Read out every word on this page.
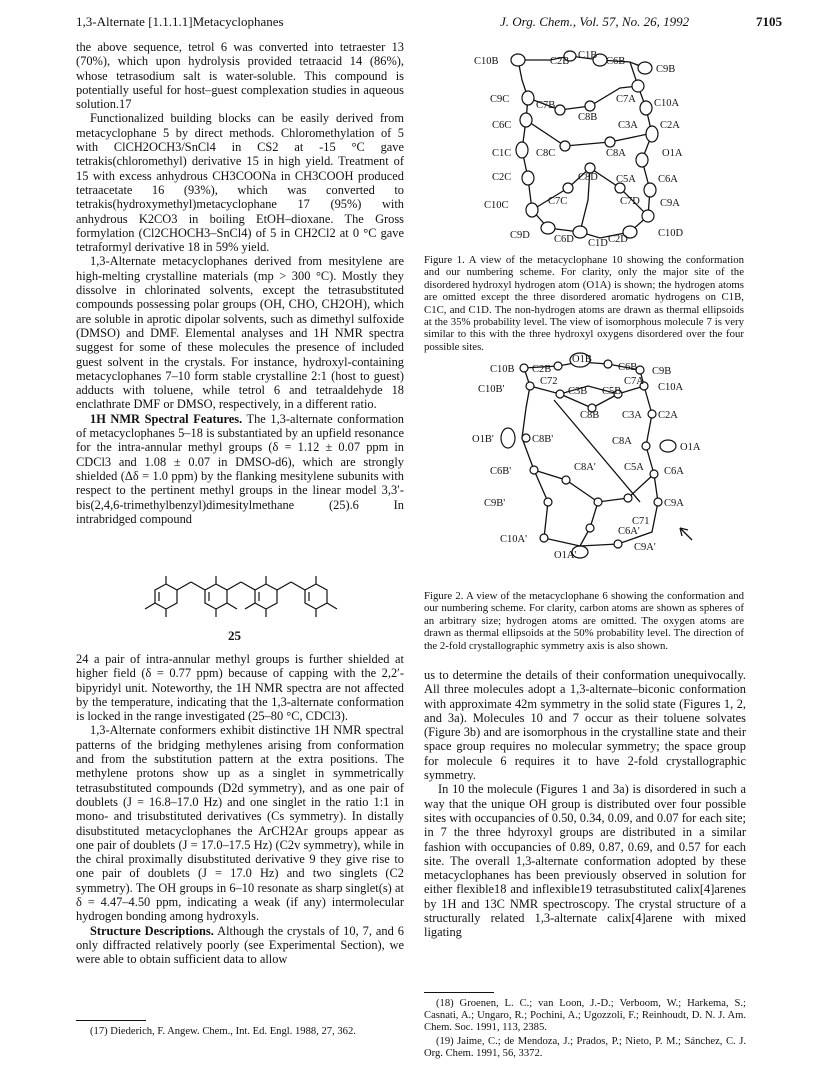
1,3-Alternate [1.1.1.1]Metacyclophanes	J. Org. Chem., Vol. 57, No. 26, 1992	7105

the above sequence, tetrol 6 was converted into tetraester 13 (70%), which upon hydrolysis provided tetraacid 14 (86%), whose tetrasodium salt is water-soluble. This compound is potentially useful for host–guest complexation studies in aqueous solution.17

Functionalized building blocks can be easily derived from metacyclophane 5 by direct methods. Chloromethylation of 5 with ClCH2OCH3/SnCl4 in CS2 at -15 °C gave tetrakis(chloromethyl) derivative 15 in high yield. Treatment of 15 with excess anhydrous CH3COONa in CH3COOH produced tetraacetate 16 (93%), which was converted to tetrakis(hydroxymethyl)metacyclophane 17 (95%) with anhydrous K2CO3 in boiling EtOH–dioxane. The Gross formylation (Cl2CHOCH3–SnCl4) of 5 in CH2Cl2 at 0 °C gave tetraformyl derivative 18 in 59% yield.

1,3-Alternate metacyclophanes derived from mesitylene are high-melting crystalline materials (mp > 300 °C). Mostly they dissolve in chlorinated solvents, except the tetrasubstituted compounds possessing polar groups (OH, CHO, CH2OH), which are soluble in aprotic dipolar solvents, such as dimethyl sulfoxide (DMSO) and DMF. Elemental analyses and 1H NMR spectra suggest for some of these molecules the presence of included guest solvent in the crystals. For instance, hydroxyl-containing metacyclophanes 7–10 form stable crystalline 2:1 (host to guest) adducts with toluene, while tetrol 6 and tetraaldehyde 18 enclathrate DMF or DMSO, respectively, in a different ratio.

1H NMR Spectral Features. The 1,3-alternate conformation of metacyclophanes 5–18 is substantiated by an upfield resonance for the intra-annular methyl groups (δ = 1.12 ± 0.07 ppm in CDCl3 and 1.08 ± 0.07 in DMSO-d6), which are strongly shielded (Δδ = 1.0 ppm) by the flanking mesitylene subunits with respect to the pertinent methyl groups in the linear model 3,3′-bis(2,4,6-trimethylbenzyl)dimesitylmethane (25).6 In intrabridged compound

25

24 a pair of intra-annular methyl groups is further shielded at higher field (δ = 0.77 ppm) because of capping with the 2,2′-bipyridyl unit. Noteworthy, the 1H NMR spectra are not affected by the temperature, indicating that the 1,3-alternate conformation is locked in the range investigated (25–80 °C, CDCl3).

1,3-Alternate conformers exhibit distinctive 1H NMR spectral patterns of the bridging methylenes arising from conformation and from the substitution pattern at the extra positions. The methylene protons show up as a singlet in symmetrically tetrasubstituted compounds (D2d symmetry), and as one pair of doublets (J = 16.8–17.0 Hz) and one singlet in the ratio 1:1 in mono- and trisubstituted derivatives (Cs symmetry). In distally disubstituted metacyclophanes the ArCH2Ar groups appear as one pair of doublets (J = 17.0–17.5 Hz) (C2v symmetry), while in the chiral proximally disubstituted derivative 9 they give rise to one pair of doublets (J = 17.0 Hz) and two singlets (C2 symmetry). The OH groups in 6–10 resonate as sharp singlet(s) at δ = 4.47–4.50 ppm, indicating a weak (if any) intermolecular hydrogen bonding among hydroxyls.

Structure Descriptions. Although the crystals of 10, 7, and 6 only diffracted relatively poorly (see Experimental Section), we were able to obtain sufficient data to allow

(17) Diederich, F. Angew. Chem., Int. Ed. Engl. 1988, 27, 362.
C10B	C2B
C1B
C6B
C9B
C9C
C7B
C7A C10A
C8B
C6C	C3A C2A
C1C C8C	C8A	O1A
C2C	C8D C5A C6A
C10C	C7C	C7D C9A
C9D C6D C1D C2D
C10D
Figure 1. A view of the metacyclophane 10 showing the conformation and our numbering scheme. For clarity, only the major site of the disordered hydroxyl hydrogen atom (O1A) is shown; the hydrogen atoms are omitted except the three disordered aromatic hydrogens on C1B, C1C, and C1D. The non-hydrogen atoms are drawn as thermal ellipsoids at the 35% probability level. The view of isomorphous molecule 7 is very similar to this with the three hydroxyl oxygens disordered over the four possible sites.
O1B
C10B C2B	C6B C9B
C72	C7A
C10B'	C3B C5B	C10A
C8B C3A C2A
O1B'	C8B'	C8A
O1A
C6B'	C8A'	C5A C6A
C9B'	C9A
C71
C10A'
C6A'
C9A'
O1A'
Figure 2. A view of the metacyclophane 6 showing the conformation and our numbering scheme. For clarity, carbon atoms are shown as spheres of an arbitrary size; hydrogen atoms are omitted. The oxygen atoms are drawn as thermal ellipsoids at the 50% probability level. The direction of the 2-fold crystallographic symmetry axis is also shown.

us to determine the details of their conformation unequivocally. All three molecules adopt a 1,3-alternate–biconic conformation with approximate 42m symmetry in the solid state (Figures 1, 2, and 3a). Molecules 10 and 7 occur as their toluene solvates (Figure 3b) and are isomorphous in the crystalline state and their space group requires no molecular symmetry; the space group for molecule 6 requires it to have 2-fold crystallographic symmetry.

In 10 the molecule (Figures 1 and 3a) is disordered in such a way that the unique OH group is distributed over four possible sites with occupancies of 0.50, 0.34, 0.09, and 0.07 for each site; in 7 the three hdyroxyl groups are distributed in a similar fashion with occupancies of 0.89, 0.87, 0.69, and 0.57 for each site. The overall 1,3-alternate conformation adopted by these metacyclophanes has been previously observed in solution for either flexible18 and inflexible19 tetrasubstituted calix[4]arenes by 1H and 13C NMR spectroscopy. The crystal structure of a structurally related 1,3-alternate calix[4]arene with mixed ligating

(18) Groenen, L. C.; van Loon, J.-D.; Verboom, W.; Harkema, S.; Casnati, A.; Ungaro, R.; Pochini, A.; Ugozzoli, F.; Reinhoudt, D. N. J. Am. Chem. Soc. 1991, 113, 2385.
(19) Jaime, C.; de Mendoza, J.; Prados, P.; Nieto, P. M.; Sánchez, C. J. Org. Chem. 1991, 56, 3372.
